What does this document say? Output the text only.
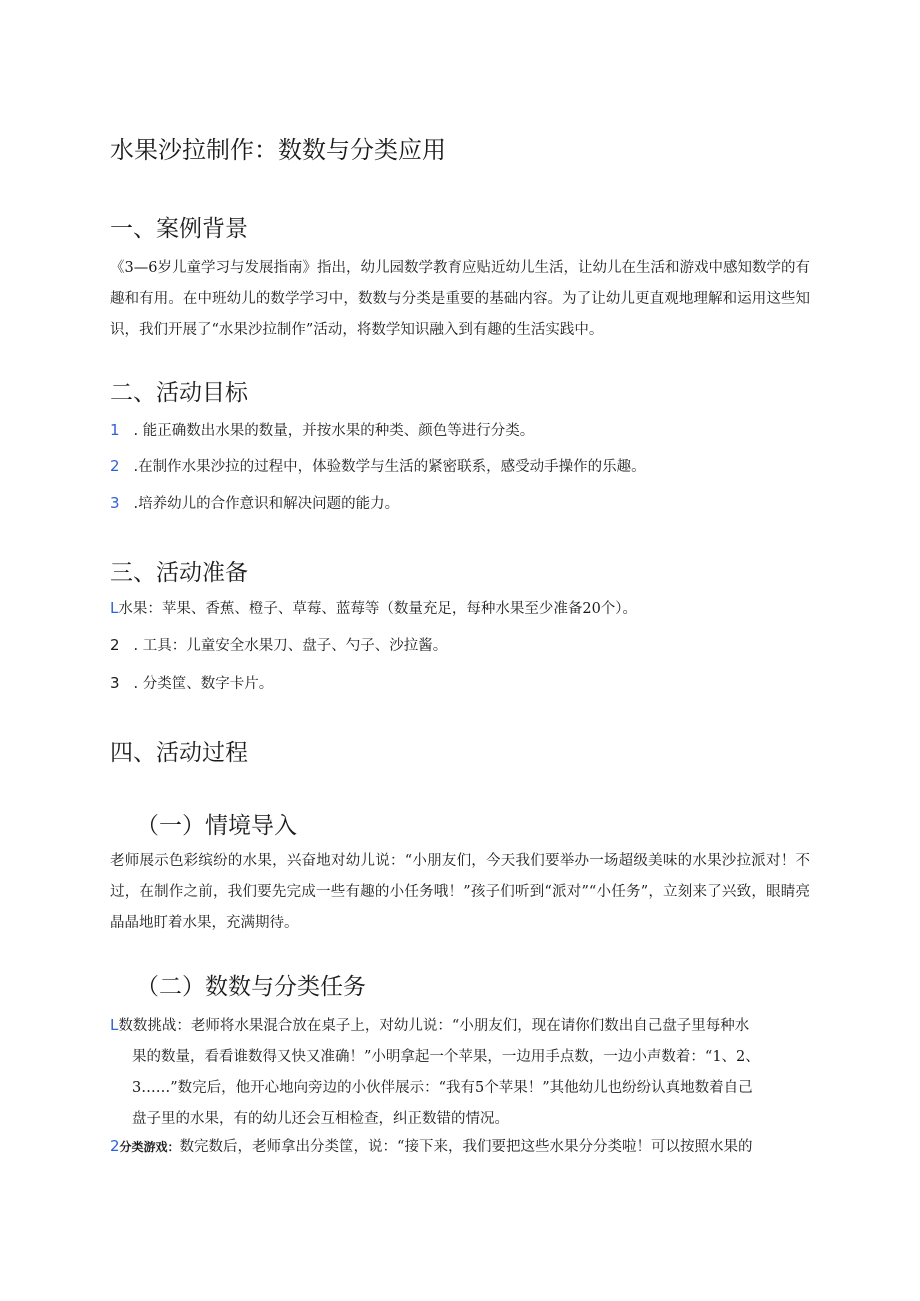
水果沙拉制作：数数与分类应用
一、案例背景

《3—6岁儿童学习与发展指南》指出，幼儿园数学教育应贴近幼儿生活，让幼儿在生活和游戏中感知数学的有趣和有用。在中班幼儿的数学学习中，数数与分类是重要的基础内容。为了让幼儿更直观地理解和运用这些知识，我们开展了“水果沙拉制作”活动，将数学知识融入到有趣的生活实践中。

二、活动目标

1 . 能正确数出水果的数量，并按水果的种类、颜色等进行分类。

2 .在制作水果沙拉的过程中，体验数学与生活的紧密联系，感受动手操作的乐趣。

3 .培养幼儿的合作意识和解决问题的能力。

三、活动准备

L水果：苹果、香蕉、橙子、草莓、蓝莓等（数量充足，每种水果至少准备20个）。

2 . 工具：儿童安全水果刀、盘子、勺子、沙拉酱。

3 . 分类筐、数字卡片。

四、活动过程
（一）情境导入

老师展示色彩缤纷的水果，兴奋地对幼儿说：“小朋友们，今天我们要举办一场超级美味的水果沙拉派对！不过，在制作之前，我们要先完成一些有趣的小任务哦！”孩子们听到“派对”“小任务”，立刻来了兴致，眼睛亮晶晶地盯着水果，充满期待。

（二）数数与分类任务
L数数挑战：老师将水果混合放在桌子上，对幼儿说：“小朋友们，现在请你们数出自己盘子里每种水
果的数量，看看谁数得又快又准确！”小明拿起一个苹果，一边用手点数，一边小声数着：“1、2、
3……”数完后，他开心地向旁边的小伙伴展示：“我有5个苹果！”其他幼儿也纷纷认真地数着自己
盘子里的水果，有的幼儿还会互相检查，纠正数错的情况。

2分类游戏：数完数后，老师拿出分类筐，说：“接下来，我们要把这些水果分分类啦！可以按照水果的
